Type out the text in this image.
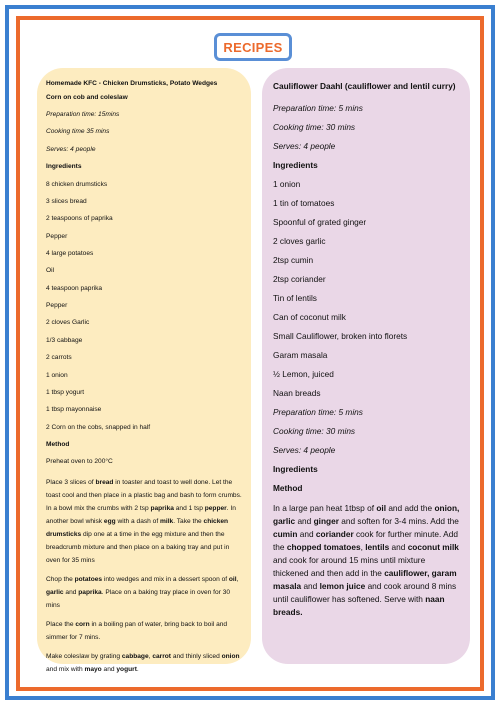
RECIPES
Homemade KFC - Chicken Drumsticks, Potato Wedges
Corn on cob and coleslaw
Preparation time: 15mins
Cooking time 35 mins
Serves: 4 people
Ingredients
8 chicken drumsticks
3 slices bread
2 teaspoons of paprika
Pepper
4 large potatoes
Oil
4 teaspoon paprika
Pepper
2 cloves Garlic
1/3 cabbage
2 carrots
1 onion
1 tbsp yogurt
1 tbsp mayonnaise
2 Corn on the cobs, snapped in half
Method
Preheat oven to 200°C

Place 3 slices of bread in toaster and toast to well done. Let the toast cool and then place in a plastic bag and bash to form crumbs. In a bowl mix the crumbs with 2 tsp paprika and 1 tsp pepper. In another bowl whisk egg with a dash of milk. Take the chicken drumsticks dip one at a time in the egg mixture and then the breadcrumb mixture and then place on a baking tray and put in oven for 35 mins

Chop the potatoes into wedges and mix in a dessert spoon of oil, garlic and paprika. Place on a baking tray place in oven for 30 mins

Place the corn in a boiling pan of water, bring back to boil and simmer for 7 mins.

Make coleslaw by grating cabbage, carrot and thinly sliced onion and mix with mayo and yogurt.

Cauliflower Daahl (cauliflower and lentil curry)
Preparation time: 5 mins
Cooking time: 30 mins
Serves: 4 people
Ingredients
1 onion
1 tin of tomatoes
Spoonful of grated ginger
2 cloves garlic
2tsp cumin
2tsp coriander
Tin of lentils
Can of coconut milk
Small Cauliflower, broken into florets
Garam masala
½ Lemon, juiced
Naan breads
Preparation time: 5 mins
Cooking time: 30 mins
Serves: 4 people
Ingredients
Method

In a large pan heat 1tbsp of oil and add the onion, garlic and ginger and soften for 3-4 mins. Add the cumin and coriander cook for further minute. Add the chopped tomatoes, lentils and coconut milk and cook for around 15 mins until mixture thickened and then add in the cauliflower, garam masala and lemon juice and cook around 8 mins until cauliflower has softened. Serve with naan breads.
